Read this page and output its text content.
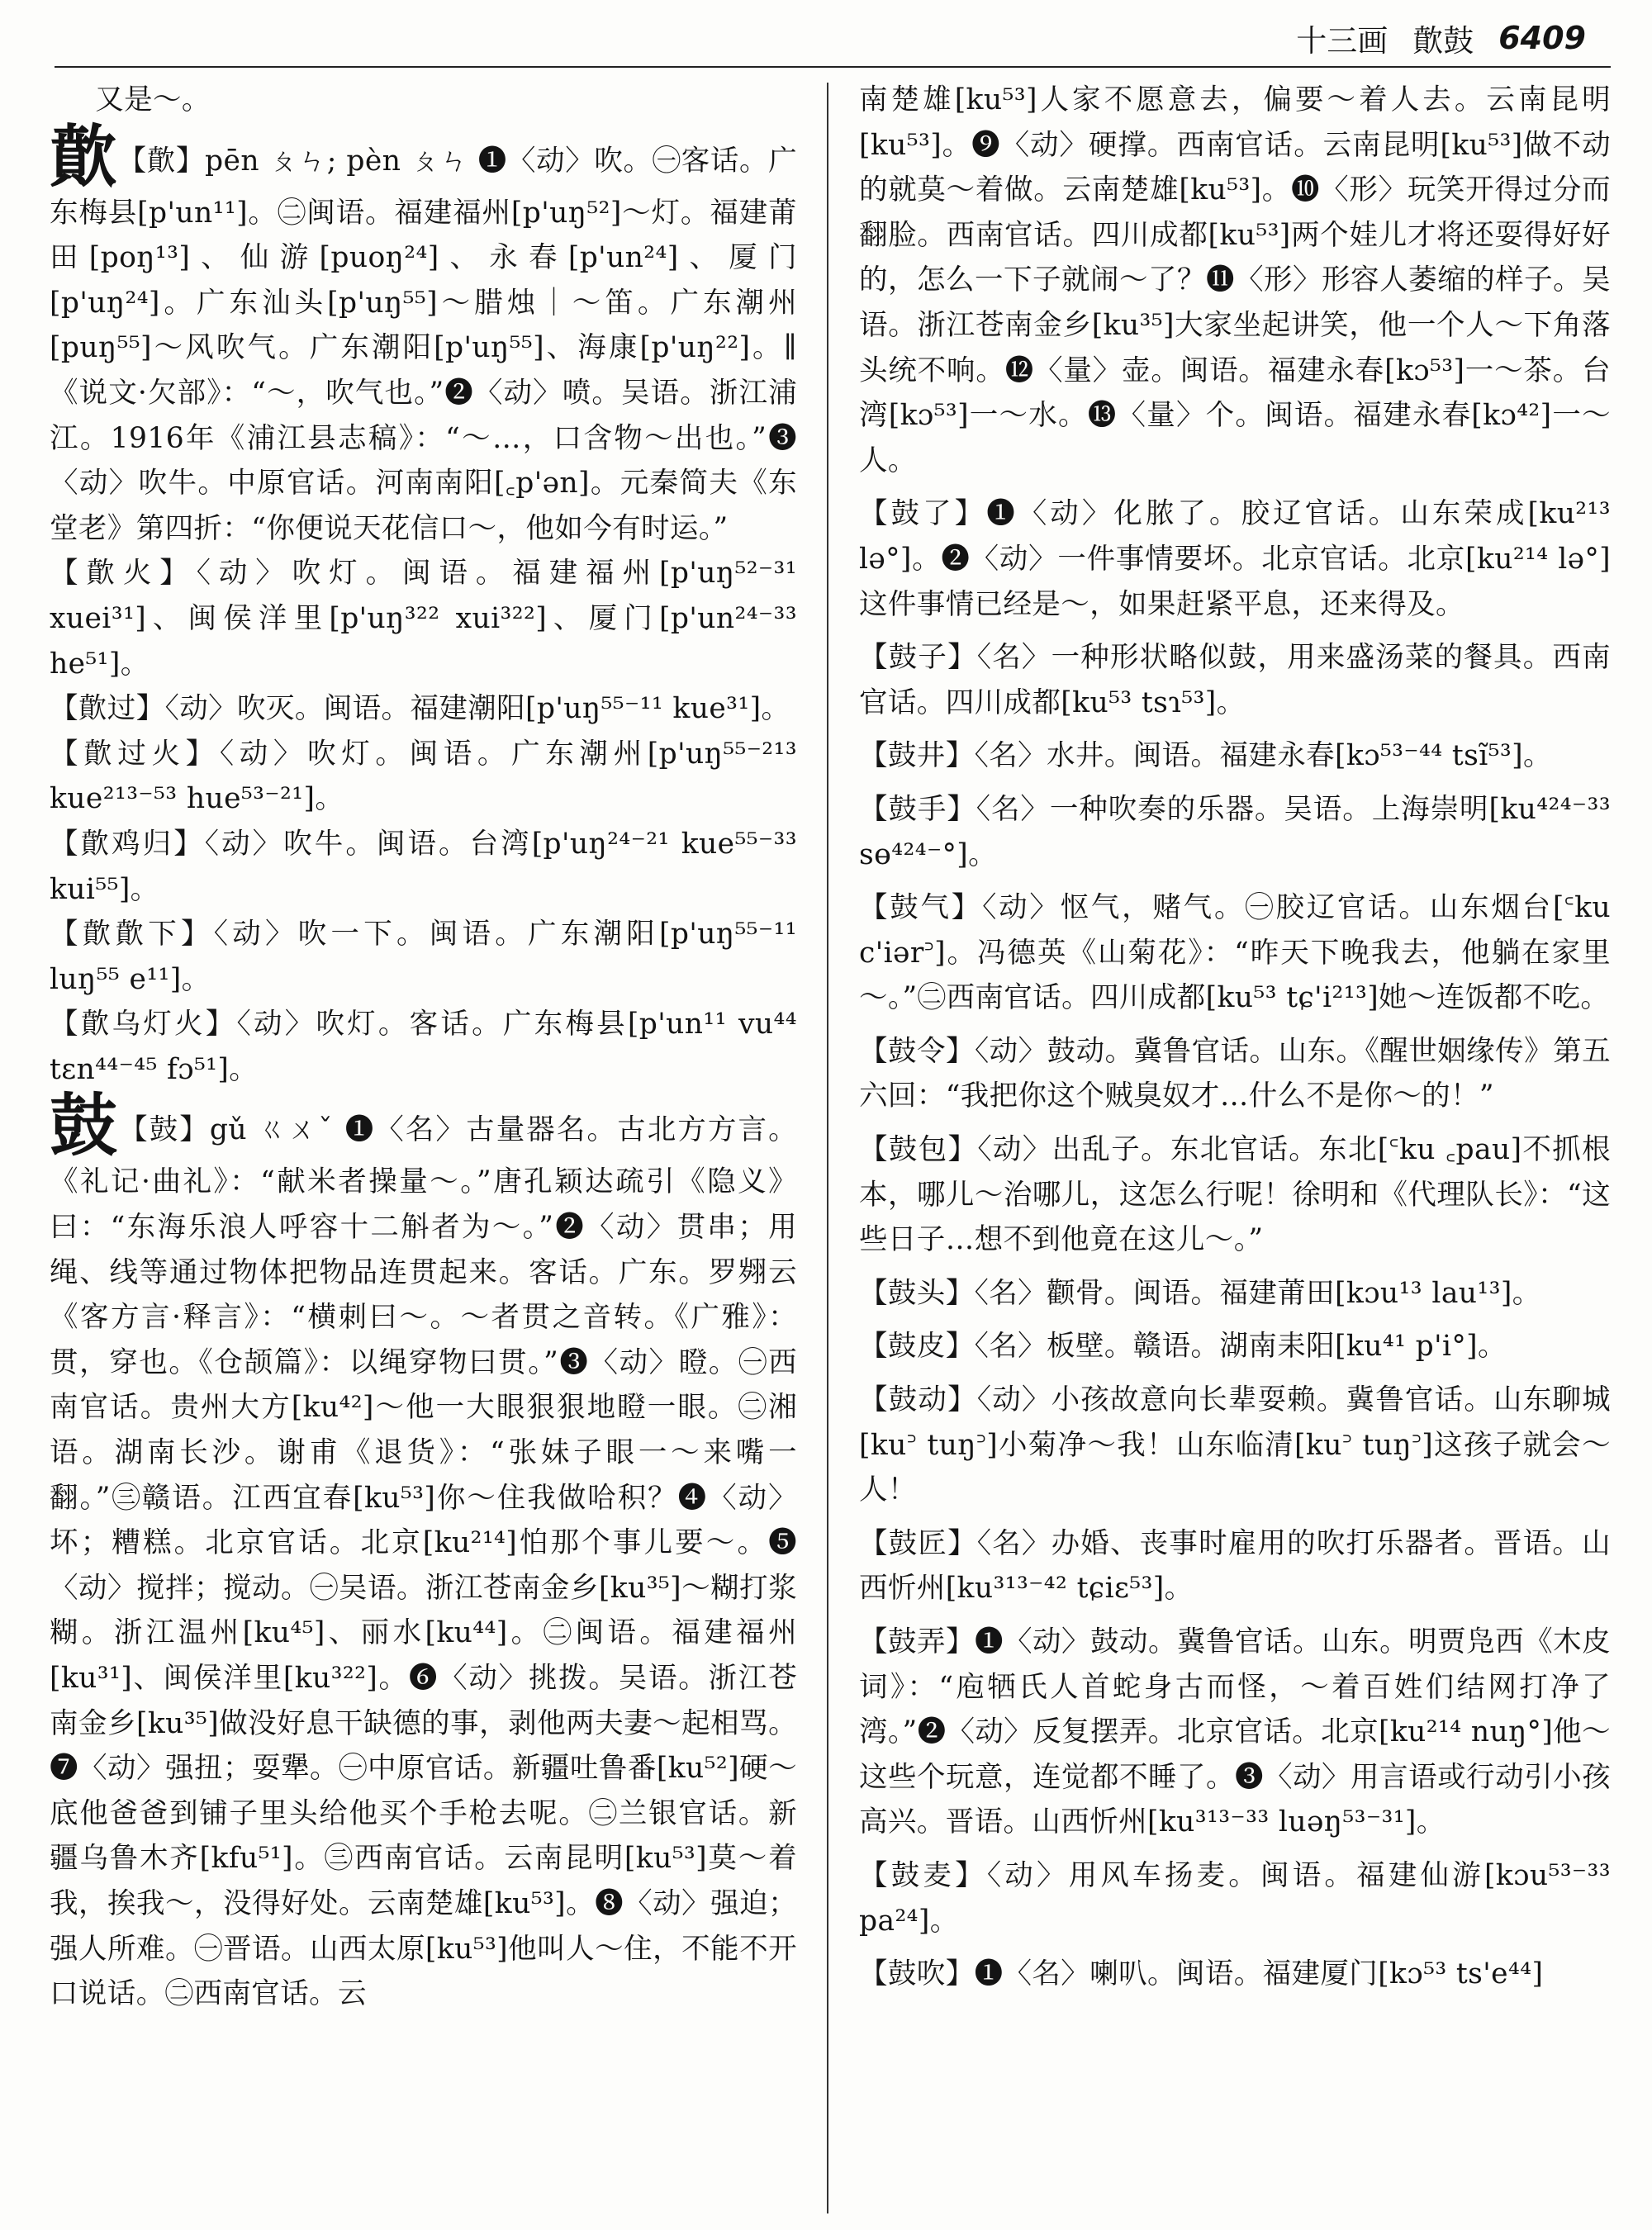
十三画 歕鼓 6409

又是～。

歕【歕】pēn ㄆㄣ; pèn ㄆㄣ ❶〈动〉吹。㊀客话。广东梅县[p'un¹¹]。㊁闽语。福建福州[p'uŋ⁵²]～灯。福建莆田[poŋ¹³]、仙游[puoŋ²⁴]、永春[p'un²⁴]、厦门[p'uŋ²⁴]。广东汕头[p'uŋ⁵⁵]～腊烛｜～笛。广东潮州[puŋ⁵⁵]～风吹气。广东潮阳[p'uŋ⁵⁵]、海康[p'uŋ²²]。∥《说文·欠部》：“～，吹气也。”❷〈动〉喷。吴语。浙江浦江。1916年《浦江县志稿》：“～…，口含物～出也。”❸〈动〉吹牛。中原官话。河南南阳[꜀p'ən]。元秦简夫《东堂老》第四折：“你便说天花信口～，他如今有时运。”

【歕火】〈动〉吹灯。闽语。福建福州[p'uŋ⁵²⁻³¹ xuei³¹]、闽侯洋里[p'uŋ³²² xui³²²]、厦门[p'un²⁴⁻³³ he⁵¹]。

【歕过】〈动〉吹灭。闽语。福建潮阳[p'uŋ⁵⁵⁻¹¹ kue³¹]。

【歕过火】〈动〉吹灯。闽语。广东潮州[p'uŋ⁵⁵⁻²¹³ kue²¹³⁻⁵³ hue⁵³⁻²¹]。

【歕鸡归】〈动〉吹牛。闽语。台湾[p'uŋ²⁴⁻²¹ kue⁵⁵⁻³³ kui⁵⁵]。

【歕歕下】〈动〉吹一下。闽语。广东潮阳[p'uŋ⁵⁵⁻¹¹ luŋ⁵⁵ e¹¹]。

【歕乌灯火】〈动〉吹灯。客话。广东梅县[p'un¹¹ vu⁴⁴ tɛn⁴⁴⁻⁴⁵ fɔ⁵¹]。

鼓【鼓】gǔ ㄍㄨˇ ❶〈名〉古量器名。古北方方言。《礼记·曲礼》：“献米者操量～。”唐孔颖达疏引《隐义》曰：“东海乐浪人呼容十二斛者为～。”❷〈动〉贯串；用绳、线等通过物体把物品连贯起来。客话。广东。罗翙云《客方言·释言》：“横刺曰～。～者贯之音转。《广雅》：贯，穿也。《仓颉篇》：以绳穿物曰贯。”❸〈动〉瞪。㊀西南官话。贵州大方[ku⁴²]～他一大眼狠狠地瞪一眼。㊁湘语。湖南长沙。谢甫《退货》：“张妹子眼一～来嘴一翻。”㊂赣语。江西宜春[ku⁵³]你～住我做哈积？❹〈动〉坏；糟糕。北京官话。北京[ku²¹⁴]怕那个事儿要～。❺〈动〉搅拌；搅动。㊀吴语。浙江苍南金乡[ku³⁵]～糊打浆糊。浙江温州[ku⁴⁵]、丽水[ku⁴⁴]。㊁闽语。福建福州[ku³¹]、闽侯洋里[ku³²²]。❻〈动〉挑拨。吴语。浙江苍南金乡[ku³⁵]做没好息干缺德的事，剥他两夫妻～起相骂。❼〈动〉强扭；耍犟。㊀中原官话。新疆吐鲁番[ku⁵²]硬～底他爸爸到铺子里头给他买个手枪去呢。㊁兰银官话。新疆乌鲁木齐[kfu⁵¹]。㊂西南官话。云南昆明[ku⁵³]莫～着我，挨我～，没得好处。云南楚雄[ku⁵³]。❽〈动〉强迫；强人所难。㊀晋语。山西太原[ku⁵³]他叫人～住，不能不开口说话。㊁西南官话。云

南楚雄[ku⁵³]人家不愿意去，偏要～着人去。云南昆明[ku⁵³]。❾〈动〉硬撑。西南官话。云南昆明[ku⁵³]做不动的就莫～着做。云南楚雄[ku⁵³]。❿〈形〉玩笑开得过分而翻脸。西南官话。四川成都[ku⁵³]两个娃儿才将还耍得好好的，怎么一下子就闹～了？⓫〈形〉形容人萎缩的样子。吴语。浙江苍南金乡[ku³⁵]大家坐起讲笑，他一个人～下角落头统不响。⓬〈量〉壶。闽语。福建永春[kɔ⁵³]一～茶。台湾[kɔ⁵³]一～水。⓭〈量〉个。闽语。福建永春[kɔ⁴²]一～人。

【鼓了】❶〈动〉化脓了。胶辽官话。山东荣成[ku²¹³ lə°]。❷〈动〉一件事情要坏。北京官话。北京[ku²¹⁴ lə°]这件事情已经是～，如果赶紧平息，还来得及。

【鼓子】〈名〉一种形状略似鼓，用来盛汤菜的餐具。西南官话。四川成都[ku⁵³ tsɿ⁵³]。

【鼓井】〈名〉水井。闽语。福建永春[kɔ⁵³⁻⁴⁴ tsĩ⁵³]。

【鼓手】〈名〉一种吹奏的乐器。吴语。上海崇明[ku⁴²⁴⁻³³ sɵ⁴²⁴⁻°]。

【鼓气】〈动〉怄气，赌气。㊀胶辽官话。山东烟台[꜂ku c'iər꜄]。冯德英《山菊花》：“昨天下晚我去，他躺在家里～。”㊁西南官话。四川成都[ku⁵³ tɕ'i²¹³]她～连饭都不吃。

【鼓令】〈动〉鼓动。冀鲁官话。山东。《醒世姻缘传》第五六回：“我把你这个贼臭奴才…什么不是你～的！”

【鼓包】〈动〉出乱子。东北官话。东北[꜂ku ꜀pau]不抓根本，哪儿～治哪儿，这怎么行呢！徐明和《代理队长》：“这些日子…想不到他竟在这儿～。”

【鼓头】〈名〉颧骨。闽语。福建莆田[kɔu¹³ lau¹³]。

【鼓皮】〈名〉板壁。赣语。湖南耒阳[ku⁴¹ p'i°]。

【鼓动】〈动〉小孩故意向长辈耍赖。冀鲁官话。山东聊城[ku꜄ tuŋ꜄]小菊净～我！山东临清[ku꜄ tuŋ꜄]这孩子就会～人！

【鼓匠】〈名〉办婚、丧事时雇用的吹打乐器者。晋语。山西忻州[ku³¹³⁻⁴² tɕiɛ⁵³]。

【鼓弄】❶〈动〉鼓动。冀鲁官话。山东。明贾凫西《木皮词》：“庖牺氏人首蛇身古而怪，～着百姓们结网打净了湾。”❷〈动〉反复摆弄。北京官话。北京[ku²¹⁴ nuŋ°]他～这些个玩意，连觉都不睡了。❸〈动〉用言语或行动引小孩高兴。晋语。山西忻州[ku³¹³⁻³³ luəŋ⁵³⁻³¹]。

【鼓麦】〈动〉用风车扬麦。闽语。福建仙游[kɔu⁵³⁻³³ pa²⁴]。

【鼓吹】❶〈名〉喇叭。闽语。福建厦门[kɔ⁵³ ts'e⁴⁴]
